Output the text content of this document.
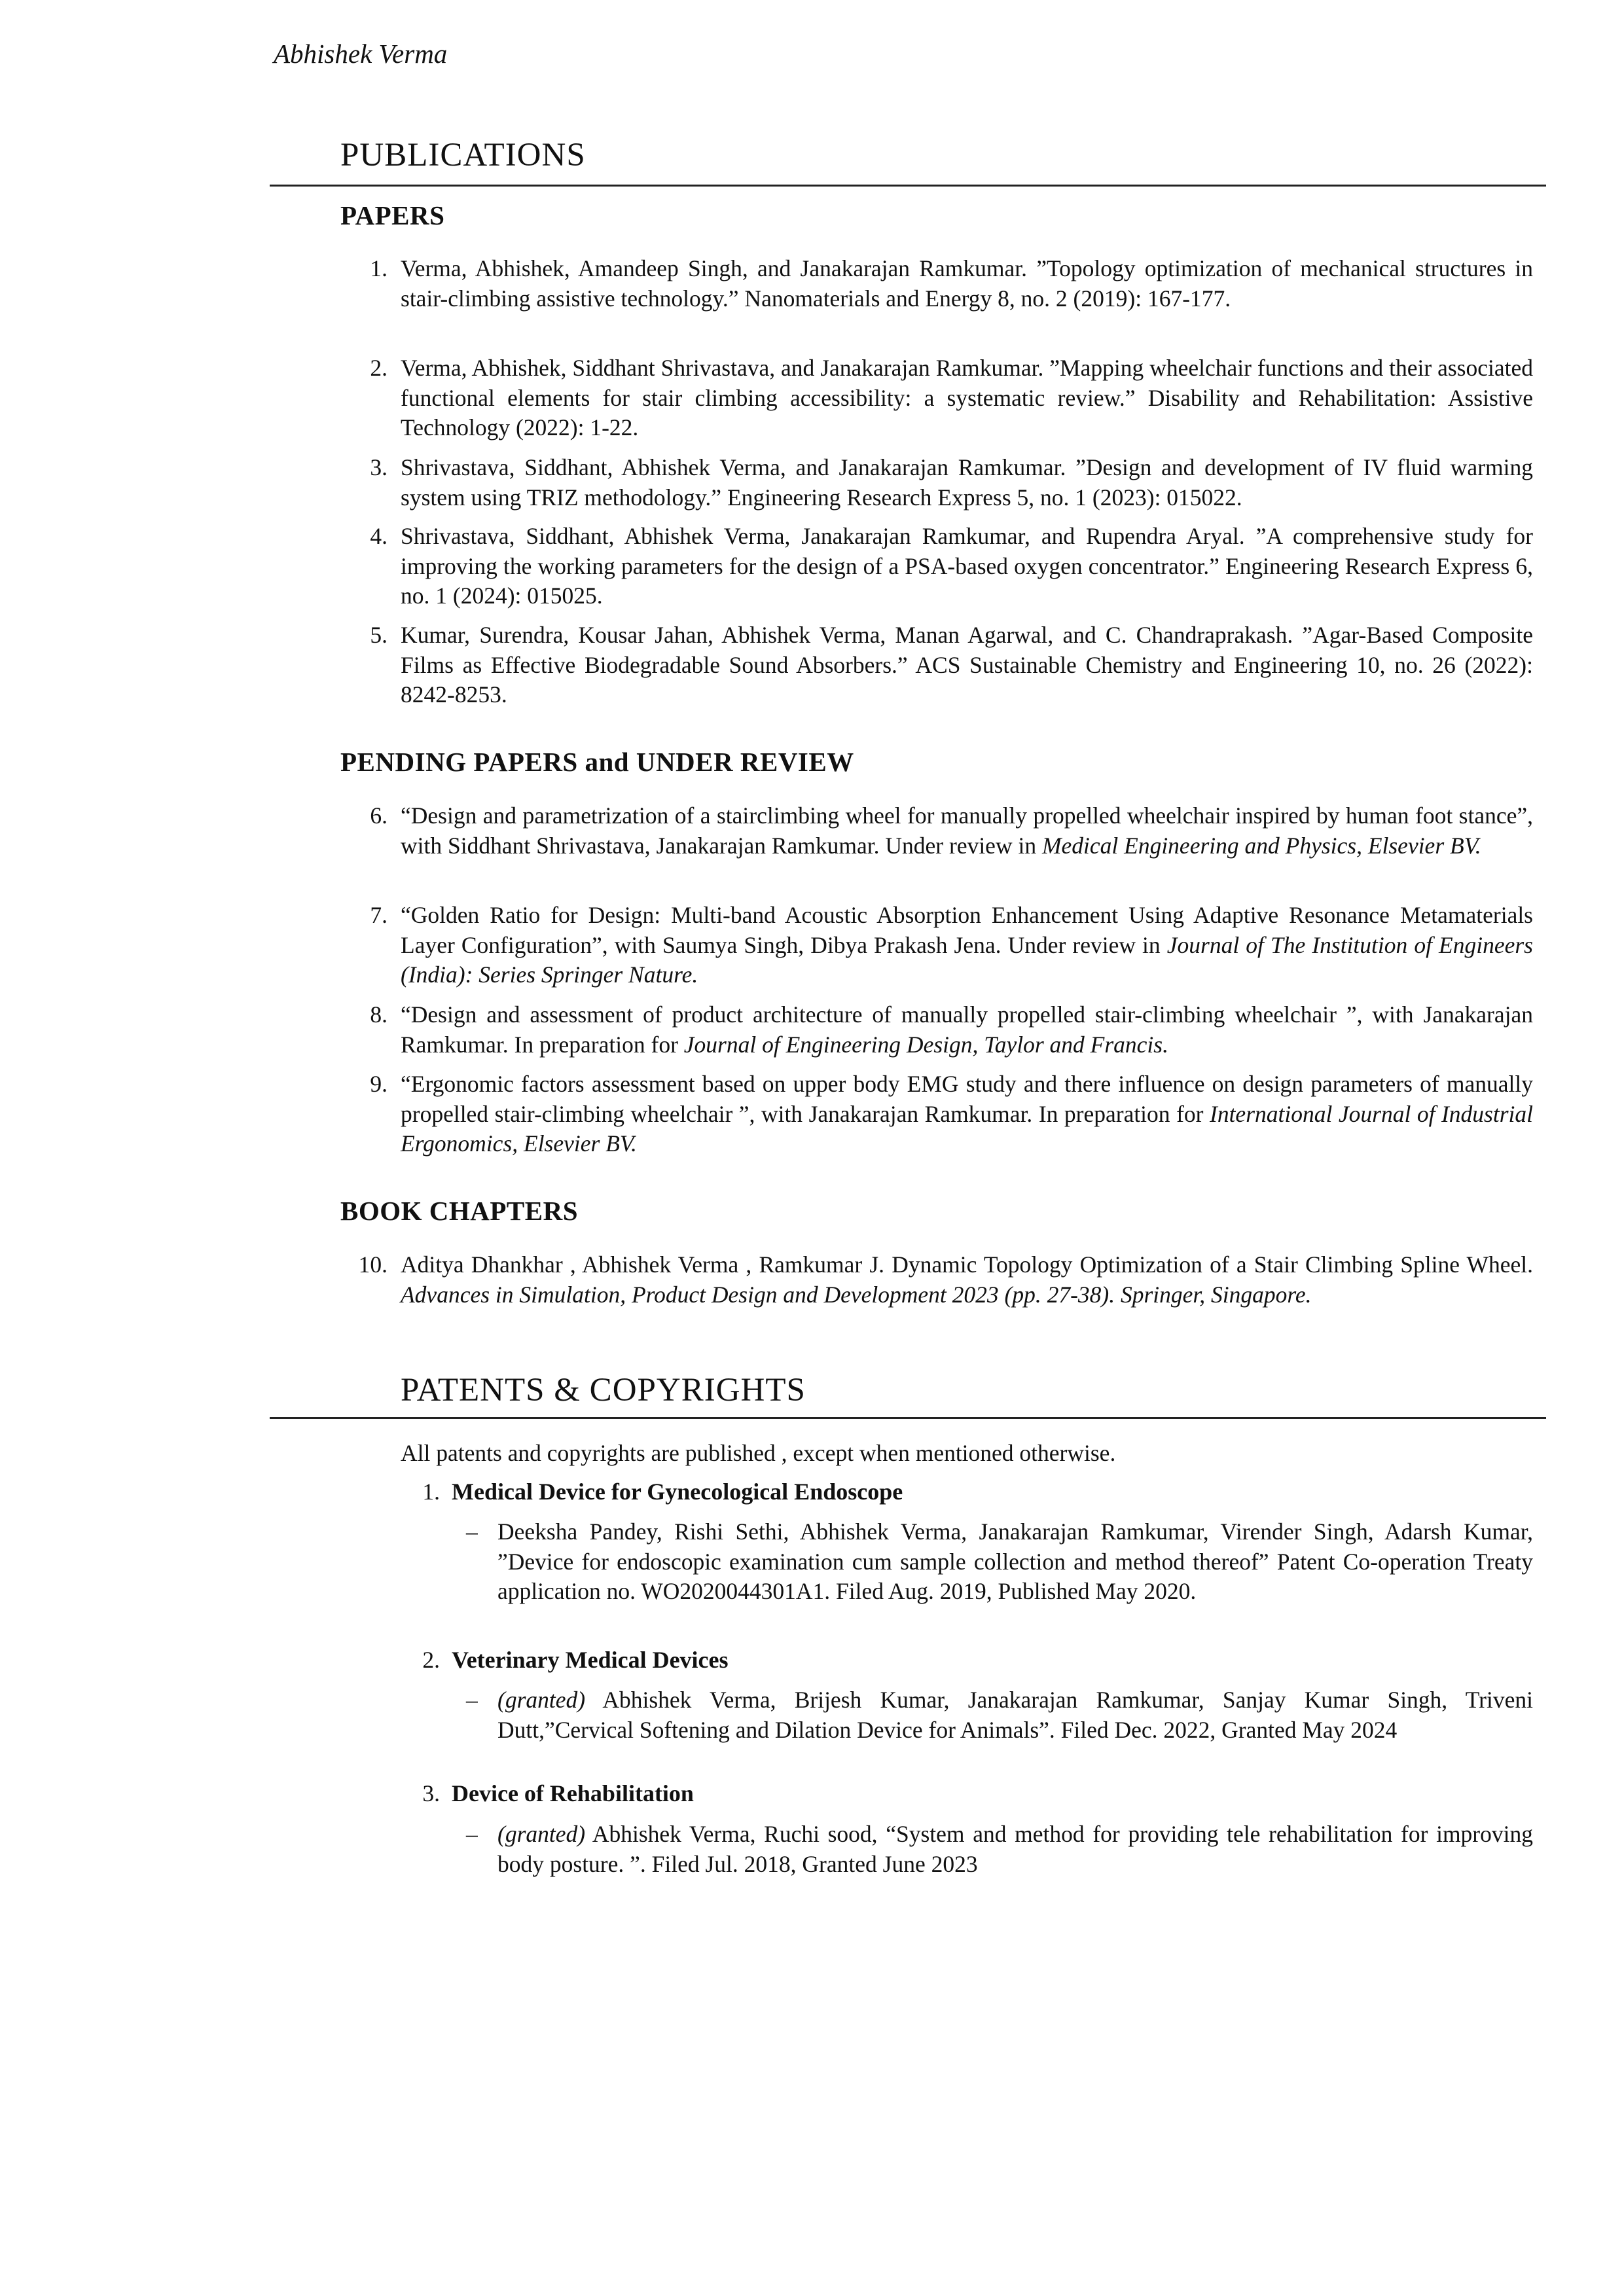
Abhishek Verma
PUBLICATIONS
PAPERS
1. Verma, Abhishek, Amandeep Singh, and Janakarajan Ramkumar. ”Topology optimization of mechanical structures in stair-climbing assistive technology.” Nanomaterials and Energy 8, no. 2 (2019): 167-177.
2. Verma, Abhishek, Siddhant Shrivastava, and Janakarajan Ramkumar. ”Mapping wheelchair functions and their associated functional elements for stair climbing accessibility: a systematic review.” Disability and Rehabilitation: Assistive Technology (2022): 1-22.
3. Shrivastava, Siddhant, Abhishek Verma, and Janakarajan Ramkumar. ”Design and development of IV fluid warming system using TRIZ methodology.” Engineering Research Express 5, no. 1 (2023): 015022.
4. Shrivastava, Siddhant, Abhishek Verma, Janakarajan Ramkumar, and Rupendra Aryal. ”A comprehensive study for improving the working parameters for the design of a PSA-based oxygen concentrator.” Engineering Research Express 6, no. 1 (2024): 015025.
5. Kumar, Surendra, Kousar Jahan, Abhishek Verma, Manan Agarwal, and C. Chandraprakash. ”Agar-Based Composite Films as Effective Biodegradable Sound Absorbers.” ACS Sustainable Chemistry and Engineering 10, no. 26 (2022): 8242-8253.
PENDING PAPERS and UNDER REVIEW
6. “Design and parametrization of a stairclimbing wheel for manually propelled wheelchair inspired by human foot stance”, with Siddhant Shrivastava, Janakarajan Ramkumar. Under review in Medical Engineering and Physics, Elsevier BV.
7. “Golden Ratio for Design: Multi-band Acoustic Absorption Enhancement Using Adaptive Resonance Metamaterials Layer Configuration”, with Saumya Singh, Dibya Prakash Jena. Under review in Journal of The Institution of Engineers (India): Series Springer Nature.
8. “Design and assessment of product architecture of manually propelled stair-climbing wheelchair ”, with Janakarajan Ramkumar. In preparation for Journal of Engineering Design, Taylor and Francis.
9. “Ergonomic factors assessment based on upper body EMG study and there influence on design parameters of manually propelled stair-climbing wheelchair ”, with Janakarajan Ramkumar. In preparation for International Journal of Industrial Ergonomics, Elsevier BV.
BOOK CHAPTERS
10. Aditya Dhankhar , Abhishek Verma , Ramkumar J. Dynamic Topology Optimization of a Stair Climbing Spline Wheel. Advances in Simulation, Product Design and Development 2023 (pp. 27-38). Springer, Singapore.
PATENTS & COPYRIGHTS
All patents and copyrights are published , except when mentioned otherwise.
1. Medical Device for Gynecological Endoscope
– Deeksha Pandey, Rishi Sethi, Abhishek Verma, Janakarajan Ramkumar, Virender Singh, Adarsh Kumar, ”Device for endoscopic examination cum sample collection and method thereof” Patent Co-operation Treaty application no. WO2020044301A1. Filed Aug. 2019, Published May 2020.
2. Veterinary Medical Devices
– (granted) Abhishek Verma, Brijesh Kumar, Janakarajan Ramkumar, Sanjay Kumar Singh, Triveni Dutt,”Cervical Softening and Dilation Device for Animals”. Filed Dec. 2022, Granted May 2024
3. Device of Rehabilitation
– (granted) Abhishek Verma, Ruchi sood, “System and method for providing tele rehabilitation for improving body posture. ”. Filed Jul. 2018, Granted June 2023
